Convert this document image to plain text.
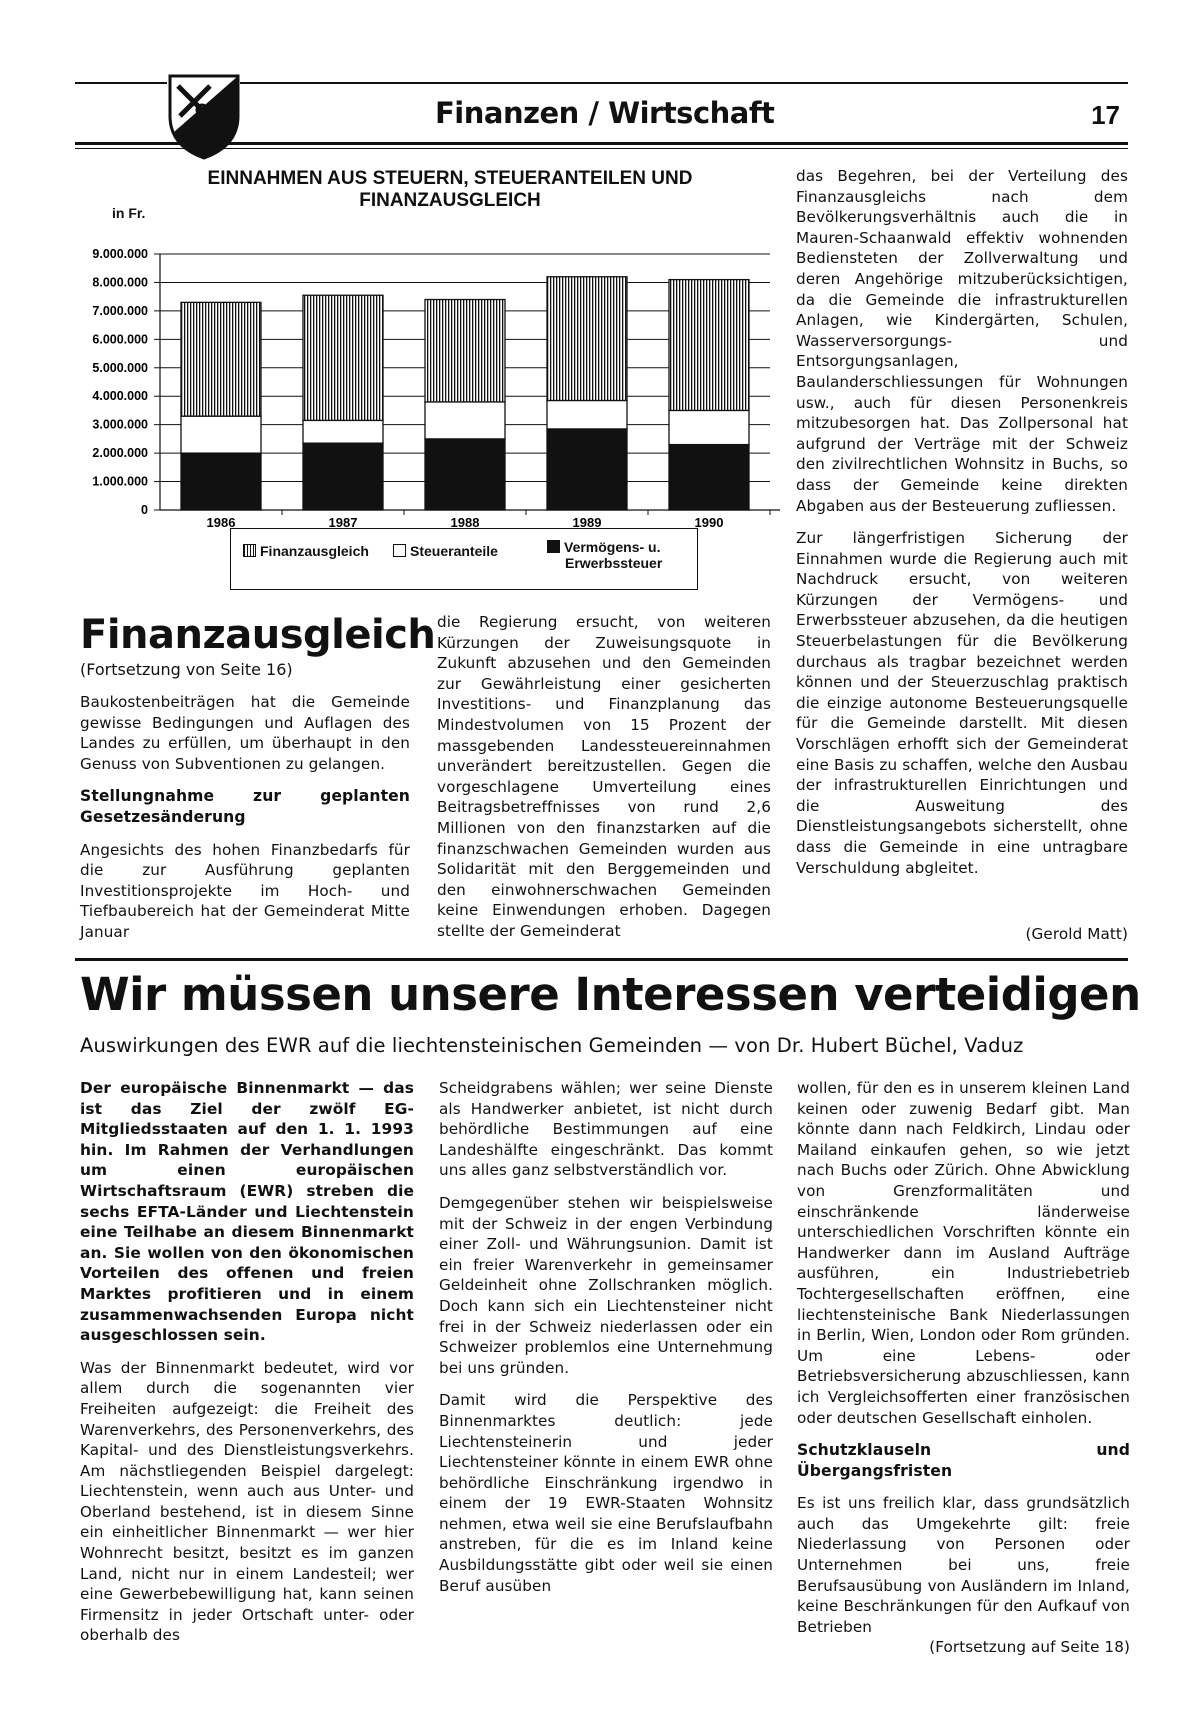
Finanzen / Wirtschaft	17
EINNAHMEN AUS STEUERN, STEUERANTEILEN UND FINANZAUSGLEICH
in Fr.
9.000.000
8.000.000
7.000.000
6.000.000
5.000.000
4.000.000
3.000.000
2.000.000
1.000.000
0
1986	1987	1988	1989	1990
Finanzausgleich	Steueranteile	Vermögens- u.
Erwerbssteuer
Finanzausgleich
(Fortsetzung von Seite 16)

Baukostenbeiträgen hat die Gemeinde gewisse Bedingungen und Auflagen des Landes zu erfüllen, um überhaupt in den Genuss von Subventionen zu gelangen.

Stellungnahme zur geplanten Gesetzesänderung

Angesichts des hohen Finanzbedarfs für die zur Ausführung geplanten Investitionsprojekte im Hoch- und Tiefbaubereich hat der Gemeinderat Mitte Januar

die Regierung ersucht, von weiteren Kürzungen der Zuweisungsquote in Zukunft abzusehen und den Gemeinden zur Gewährleistung einer gesicherten Investitions- und Finanzplanung das Mindestvolumen von 15 Prozent der massgebenden Landessteuereinnahmen unverändert bereitzustellen. Gegen die vorgeschlagene Umverteilung eines Beitragsbetreffnisses von rund 2,6 Millionen von den finanzstarken auf die finanzschwachen Gemeinden wurden aus Solidarität mit den Berggemeinden und den einwohnerschwachen Gemeinden keine Einwendungen erhoben. Dagegen stellte der Gemeinderat

das Begehren, bei der Verteilung des Finanzausgleichs nach dem Bevölkerungsverhältnis auch die in Mauren-Schaanwald effektiv wohnenden Bediensteten der Zollverwaltung und deren Angehörige mitzuberücksichtigen, da die Gemeinde die infrastrukturellen Anlagen, wie Kindergärten, Schulen, Wasserversorgungs- und Entsorgungsanlagen, Baulanderschliessungen für Wohnungen usw., auch für diesen Personenkreis mitzubesorgen hat. Das Zollpersonal hat aufgrund der Verträge mit der Schweiz den zivilrechtlichen Wohnsitz in Buchs, so dass der Gemeinde keine direkten Abgaben aus der Besteuerung zufliessen.

Zur längerfristigen Sicherung der Einnahmen wurde die Regierung auch mit Nachdruck ersucht, von weiteren Kürzungen der Vermögens- und Erwerbssteuer abzusehen, da die heutigen Steuerbelastungen für die Bevölkerung durchaus als tragbar bezeichnet werden können und der Steuerzuschlag praktisch die einzige autonome Besteuerungsquelle für die Gemeinde darstellt. Mit diesen Vorschlägen erhofft sich der Gemeinderat eine Basis zu schaffen, welche den Ausbau der infrastrukturellen Einrichtungen und die Ausweitung des Dienstleistungsangebots sicherstellt, ohne dass die Gemeinde in eine untragbare Verschuldung abgleitet.

(Gerold Matt)
Wir müssen unsere Interessen verteidigen
Auswirkungen des EWR auf die liechtensteinischen Gemeinden — von Dr. Hubert Büchel, Vaduz

Der europäische Binnenmarkt — das ist das Ziel der zwölf EG-Mitgliedsstaaten auf den 1. 1. 1993 hin. Im Rahmen der Verhandlungen um einen europäischen Wirtschaftsraum (EWR) streben die sechs EFTA-Länder und Liechtenstein eine Teilhabe an diesem Binnenmarkt an. Sie wollen von den ökonomischen Vorteilen des offenen und freien Marktes profitieren und in einem zusammenwachsenden Europa nicht ausgeschlossen sein.

Was der Binnenmarkt bedeutet, wird vor allem durch die sogenannten vier Freiheiten aufgezeigt: die Freiheit des Warenverkehrs, des Personenverkehrs, des Kapital- und des Dienstleistungsverkehrs. Am nächstliegenden Beispiel dargelegt: Liechtenstein, wenn auch aus Unter- und Oberland bestehend, ist in diesem Sinne ein einheitlicher Binnenmarkt — wer hier Wohnrecht besitzt, besitzt es im ganzen Land, nicht nur in einem Landesteil; wer eine Gewerbebewilligung hat, kann seinen Firmensitz in jeder Ortschaft unter- oder oberhalb des

Scheidgrabens wählen; wer seine Dienste als Handwerker anbietet, ist nicht durch behördliche Bestimmungen auf eine Landeshälfte eingeschränkt. Das kommt uns alles ganz selbstverständlich vor.

Demgegenüber stehen wir beispielsweise mit der Schweiz in der engen Verbindung einer Zoll- und Währungsunion. Damit ist ein freier Warenverkehr in gemeinsamer Geldeinheit ohne Zollschranken möglich. Doch kann sich ein Liechtensteiner nicht frei in der Schweiz niederlassen oder ein Schweizer problemlos eine Unternehmung bei uns gründen.

Damit wird die Perspektive des Binnenmarktes deutlich: jede Liechtensteinerin und jeder Liechtensteiner könnte in einem EWR ohne behördliche Einschränkung irgendwo in einem der 19 EWR-Staaten Wohnsitz nehmen, etwa weil sie eine Berufslaufbahn anstreben, für die es im Inland keine Ausbildungsstätte gibt oder weil sie einen Beruf ausüben

wollen, für den es in unserem kleinen Land keinen oder zuwenig Bedarf gibt. Man könnte dann nach Feldkirch, Lindau oder Mailand einkaufen gehen, so wie jetzt nach Buchs oder Zürich. Ohne Abwicklung von Grenzformalitäten und einschränkende länderweise unterschiedlichen Vorschriften könnte ein Handwerker dann im Ausland Aufträge ausführen, ein Industriebetrieb Tochtergesellschaften eröffnen, eine liechtensteinische Bank Niederlassungen in Berlin, Wien, London oder Rom gründen. Um eine Lebens- oder Betriebsversicherung abzuschliessen, kann ich Vergleichsofferten einer französischen oder deutschen Gesellschaft einholen.

Schutzklauseln und Übergangsfristen

Es ist uns freilich klar, dass grundsätzlich auch das Umgekehrte gilt: freie Niederlassung von Personen oder Unternehmen bei uns, freie Berufsausübung von Ausländern im Inland, keine Beschränkungen für den Aufkauf von Betrieben

(Fortsetzung auf Seite 18)
